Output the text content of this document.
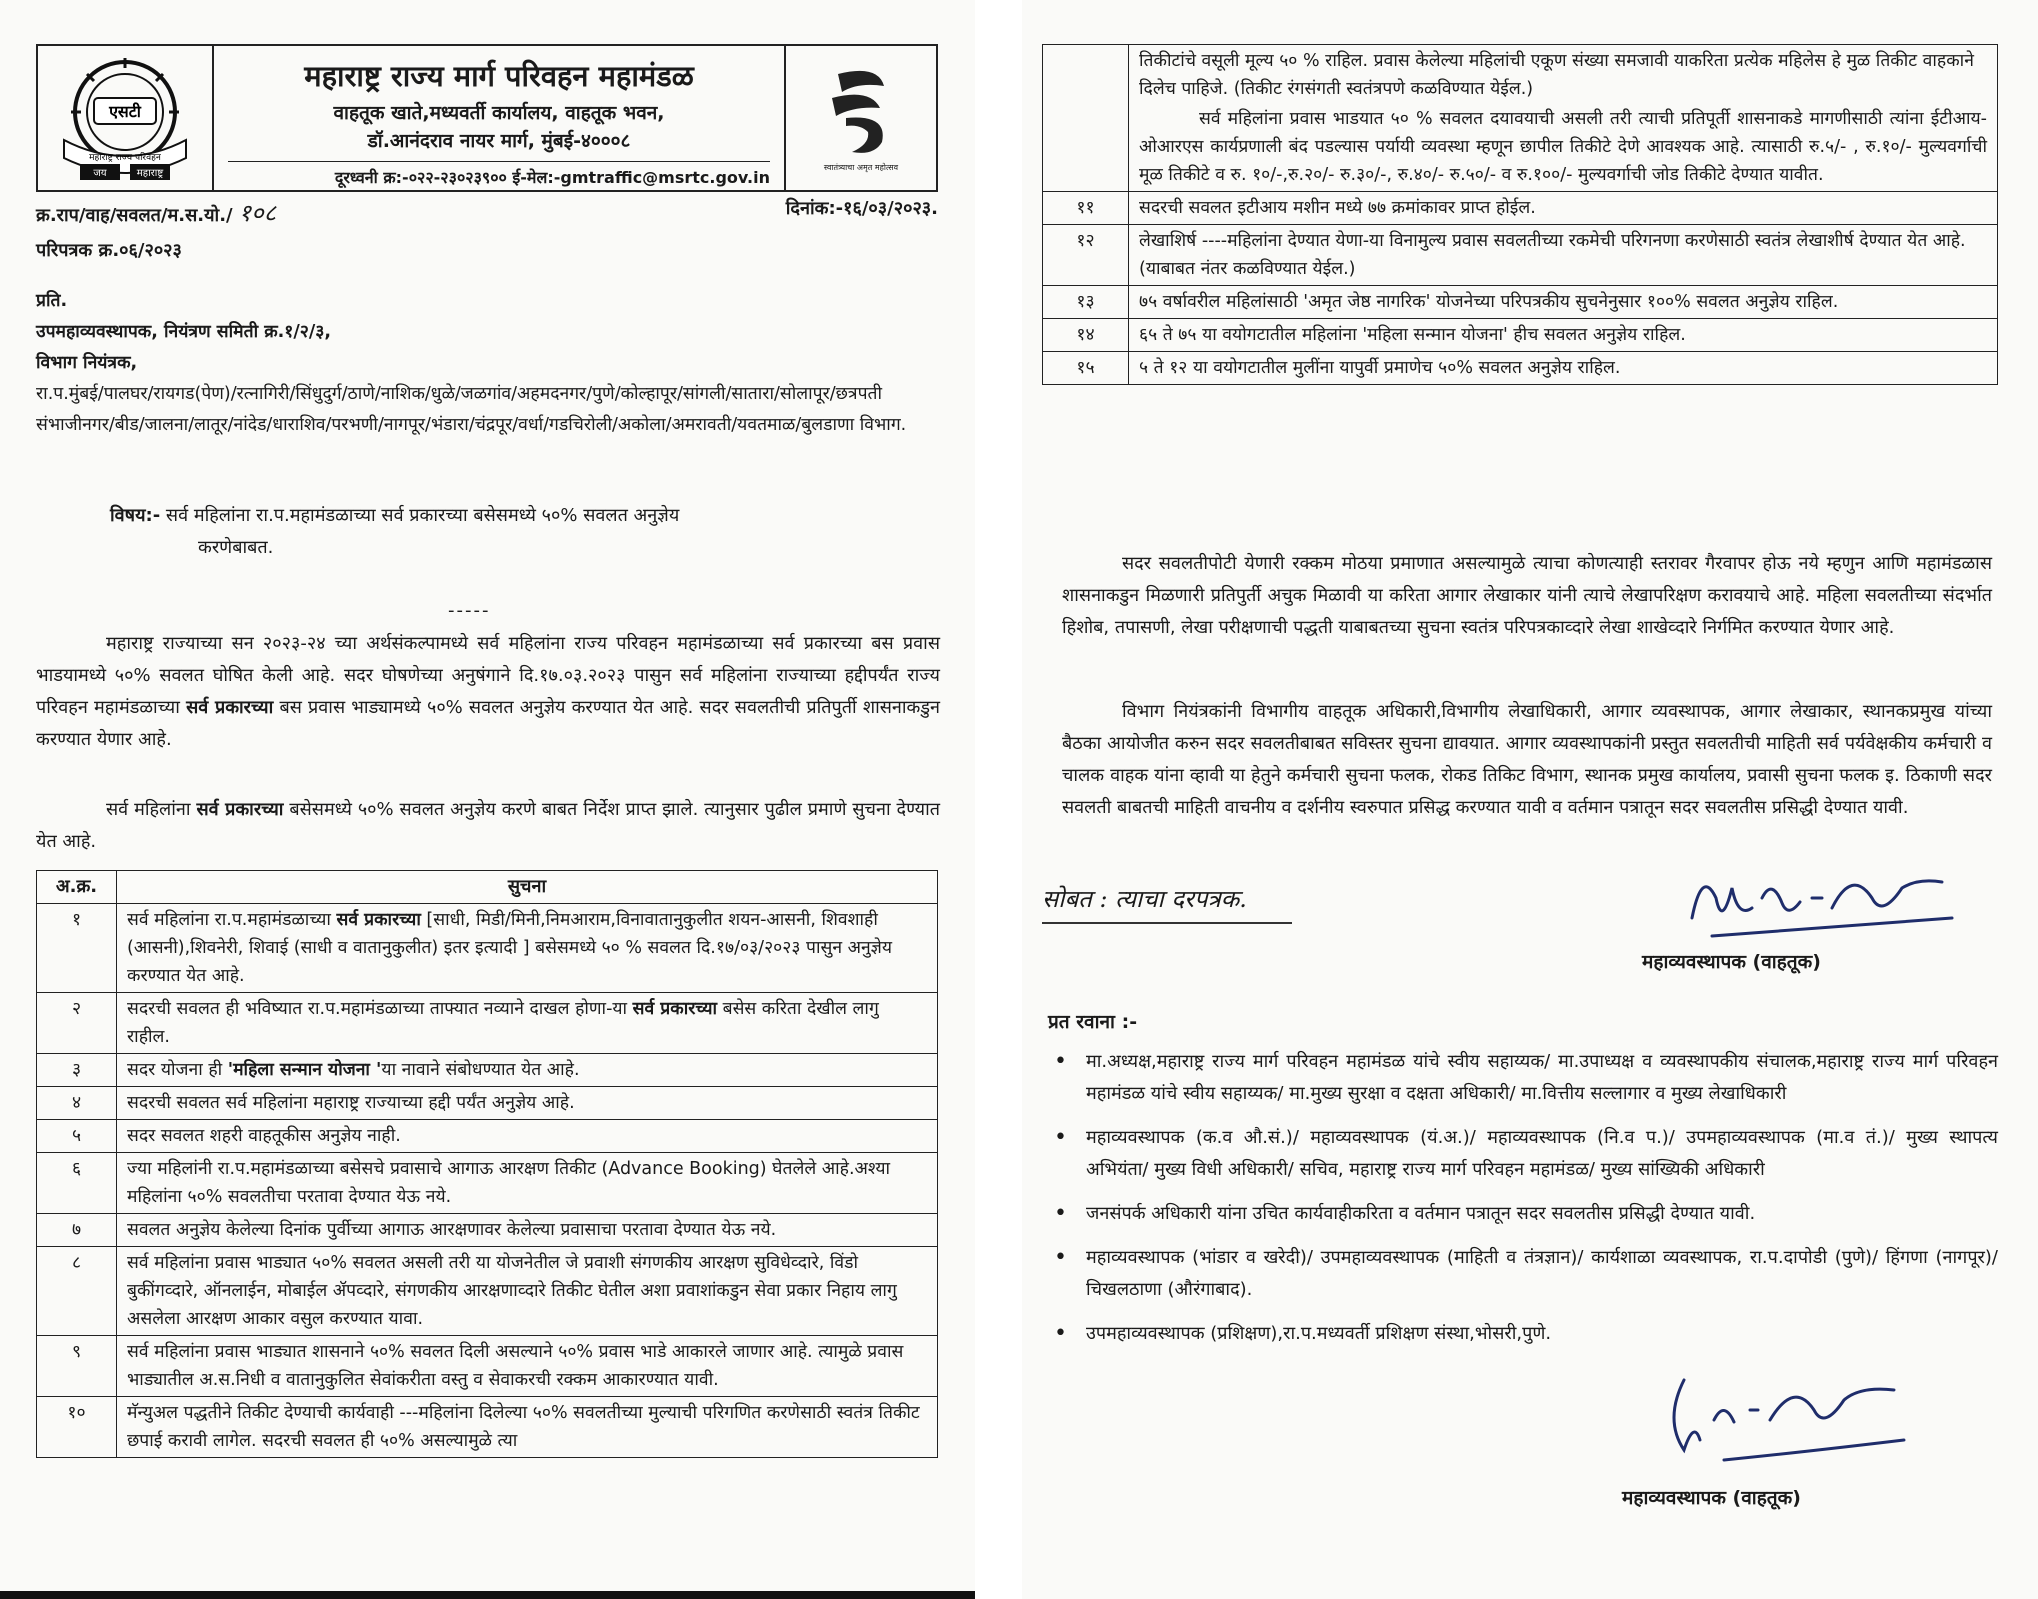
एसटी
महाराष्ट्र राज्य परिवहन
जय	महाराष्ट्र
महाराष्ट्र राज्य मार्ग परिवहन महामंडळ
वाहतूक खाते,मध्यवर्ती कार्यालय, वाहतूक भवन,
डॉ.आनंदराव नायर मार्ग, मुंबई-४०००८
दूरध्वनी क्र:-०२२-२३०२३९०० ई-मेल:-gmtraffic@msrtc.gov.in
स्वातंत्र्याचा अमृत महोत्सव
क्र.राप/वाह/सवलत/म.स.यो./ १०८	दिनांक:-१६/०३/२०२३.
परिपत्रक क्र.०६/२०२३
प्रति.
उपमहाव्यवस्थापक, नियंत्रण समिती क्र.१/२/३,
विभाग नियंत्रक,
रा.प.मुंबई/पालघर/रायगड(पेण)/रत्नागिरी/सिंधुदुर्ग/ठाणे/नाशिक/धुळे/जळगांव/अहमदनगर/पुणे/कोल्हापूर/सांगली/सातारा/सोलापूर/छत्रपती संभाजीनगर/बीड/जालना/लातूर/नांदेड/धाराशिव/परभणी/नागपूर/भंडारा/चंद्रपूर/वर्धा/गडचिरोली/अकोला/अमरावती/यवतमाळ/बुलडाणा विभाग.
विषय:- सर्व महिलांना रा.प.महामंडळाच्या सर्व प्रकारच्या बसेसमध्ये ५०% सवलत अनुज्ञेय
करणेबाबत.
-----
महाराष्ट्र राज्याच्या सन २०२३-२४ च्या अर्थसंकल्पामध्ये सर्व महिलांना राज्य परिवहन महामंडळाच्या सर्व प्रकारच्या बस प्रवास भाडयामध्ये ५०% सवलत घोषित केली आहे. सदर घोषणेच्या अनुषंगाने दि.१७.०३.२०२३ पासुन सर्व महिलांना राज्याच्या हद्दीपर्यंत राज्य परिवहन महामंडळाच्या सर्व प्रकारच्या बस प्रवास भाड्यामध्ये ५०% सवलत अनुज्ञेय करण्यात येत आहे. सदर सवलतीची प्रतिपुर्ती शासनाकडुन करण्यात येणार आहे.
सर्व महिलांना सर्व प्रकारच्या बसेसमध्ये ५०% सवलत अनुज्ञेय करणे बाबत निर्देश प्राप्त झाले. त्यानुसार पुढील प्रमाणे सुचना देण्यात येत आहे.
अ.क्र.	सुचना
१	सर्व महिलांना रा.प.महामंडळाच्या सर्व प्रकारच्या [साधी, मिडी/मिनी,निमआराम,विनावातानुकुलीत शयन-आसनी, शिवशाही (आसनी),शिवनेरी, शिवाई (साधी व वातानुकुलीत) इतर इत्यादी ] बसेसमध्ये ५० % सवलत दि.१७/०३/२०२३ पासुन अनुज्ञेय करण्यात येत आहे.
२	सदरची सवलत ही भविष्यात रा.प.महामंडळाच्या ताफ्यात नव्याने दाखल होणा-या सर्व प्रकारच्या बसेस करिता देखील लागु राहील.
३	सदर योजना ही 'महिला सन्मान योजना 'या नावाने संबोधण्यात येत आहे.
४	सदरची सवलत सर्व महिलांना महाराष्ट्र राज्याच्या हद्दी पर्यंत अनुज्ञेय आहे.
५	सदर सवलत शहरी वाहतूकीस अनुज्ञेय नाही.
६	ज्या महिलांनी रा.प.महामंडळाच्या बसेसचे प्रवासाचे आगाऊ आरक्षण तिकीट (Advance Booking) घेतलेले आहे.अश्या महिलांना ५०% सवलतीचा परतावा देण्यात येऊ नये.
७	सवलत अनुज्ञेय केलेल्या दिनांक पुर्वीच्या आगाऊ आरक्षणावर केलेल्या प्रवासाचा परतावा देण्यात येऊ नये.
८	सर्व महिलांना प्रवास भाड्यात ५०% सवलत असली तरी या योजनेतील जे प्रवाशी संगणकीय आरक्षण सुविधेव्दारे, विंडो बुकींगव्दारे, ऑनलाईन, मोबाईल ॲपव्दारे, संगणकीय आरक्षणाव्दारे तिकीट घेतील अशा प्रवाशांकडुन सेवा प्रकार निहाय लागु असलेला आरक्षण आकार वसुल करण्यात यावा.
९	सर्व महिलांना प्रवास भाड्यात शासनाने ५०% सवलत दिली असल्याने ५०% प्रवास भाडे आकारले जाणार आहे. त्यामुळे प्रवास भाड्यातील अ.स.निधी व वातानुकुलित सेवांकरीता वस्तु व सेवाकरची रक्कम आकारण्यात यावी.
१०	मॅन्युअल पद्धतीने तिकीट देण्याची कार्यवाही ---महिलांना दिलेल्या ५०% सवलतीच्या मुल्याची परिगणित करणेसाठी स्वतंत्र तिकीट छपाई करावी लागेल. सदरची सवलत ही ५०% असल्यामुळे त्या

	तिकीटांचे वसूली मूल्य ५० % राहिल. प्रवास केलेल्या महिलांची एकूण संख्या समजावी याकरिता प्रत्येक महिलेस हे मुळ तिकीट वाहकाने दिलेच पाहिजे. (तिकीट रंगसंगती स्वतंत्रपणे कळविण्यात येईल.)
सर्व महिलांना प्रवास भाडयात ५० % सवलत दयावयाची असली तरी त्याची प्रतिपूर्ती शासनाकडे मागणीसाठी त्यांना ईटीआय-ओआरएस कार्यप्रणाली बंद पडल्यास पर्यायी व्यवस्था म्हणून छापील तिकीटे देणे आवश्यक आहे. त्यासाठी रु.५/- , रु.१०/- मुल्यवर्गाची मूळ तिकीटे व रु. १०/-,रु.२०/- रु.३०/-, रु.४०/- रु.५०/- व रु.१००/- मुल्यवर्गाची जोड तिकीटे देण्यात यावीत.

११	सदरची सवलत इटीआय मशीन मध्ये ७७ क्रमांकावर प्राप्त होईल.
१२	लेखाशिर्ष ----महिलांना देण्यात येणा-या विनामुल्य प्रवास सवलतीच्या रकमेची परिगनणा करणेसाठी स्वतंत्र लेखाशीर्ष देण्यात येत आहे. (याबाबत नंतर कळविण्यात येईल.)
१३	७५ वर्षावरील महिलांसाठी 'अमृत जेष्ठ नागरिक' योजनेच्या परिपत्रकीय सुचनेनुसार १००% सवलत अनुज्ञेय राहिल.
१४	६५ ते ७५ या वयोगटातील महिलांना 'महिला सन्मान योजना' हीच सवलत अनुज्ञेय राहिल.
१५	५ ते १२ या वयोगटातील मुलींना यापुर्वी प्रमाणेच ५०% सवलत अनुज्ञेय राहिल.
सदर सवलतीपोटी येणारी रक्कम मोठया प्रमाणात असल्यामुळे त्याचा कोणत्याही स्तरावर गैरवापर होऊ नये म्हणुन आणि महामंडळास शासनाकडुन मिळणारी प्रतिपुर्ती अचुक मिळावी या करिता आगार लेखाकार यांनी त्याचे लेखापरिक्षण करावयाचे आहे. महिला सवलतीच्या संदर्भात हिशोब, तपासणी, लेखा परीक्षणाची पद्धती याबाबतच्या सुचना स्वतंत्र परिपत्रकाव्दारे लेखा शाखेव्दारे निर्गमित करण्यात येणार आहे.
विभाग नियंत्रकांनी विभागीय वाहतूक अधिकारी,विभागीय लेखाधिकारी, आगार व्यवस्थापक, आगार लेखाकार, स्थानकप्रमुख यांच्या बैठका आयोजीत करुन सदर सवलतीबाबत सविस्तर सुचना द्यावयात. आगार व्यवस्थापकांनी प्रस्तुत सवलतीची माहिती सर्व पर्यवेक्षकीय कर्मचारी व चालक वाहक यांना व्हावी या हेतुने कर्मचारी सुचना फलक, रोकड तिकिट विभाग, स्थानक प्रमुख कार्यालय, प्रवासी सुचना फलक इ. ठिकाणी सदर सवलती बाबतची माहिती वाचनीय व दर्शनीय स्वरुपात प्रसिद्ध करण्यात यावी व वर्तमान पत्रातून सदर सवलतीस प्रसिद्धी देण्यात यावी.
सोबत : त्याचा दरपत्रक.
महाव्यवस्थापक (वाहतूक)
प्रत रवाना :-
• मा.अध्यक्ष,महाराष्ट्र राज्य मार्ग परिवहन महामंडळ यांचे स्वीय सहाय्यक/ मा.उपाध्यक्ष व व्यवस्थापकीय संचालक,महाराष्ट्र राज्य मार्ग परिवहन महामंडळ यांचे स्वीय सहाय्यक/ मा.मुख्य सुरक्षा व दक्षता अधिकारी/ मा.वित्तीय सल्लागार व मुख्य लेखाधिकारी
• महाव्यवस्थापक (क.व औ.सं.)/ महाव्यवस्थापक (यं.अ.)/ महाव्यवस्थापक (नि.व प.)/ उपमहाव्यवस्थापक (मा.व तं.)/ मुख्य स्थापत्य अभियंता/ मुख्य विधी अधिकारी/ सचिव, महाराष्ट्र राज्य मार्ग परिवहन महामंडळ/ मुख्य सांख्यिकी अधिकारी
• जनसंपर्क अधिकारी यांना उचित कार्यवाहीकरिता व वर्तमान पत्रातून सदर सवलतीस प्रसिद्धी देण्यात यावी.
• महाव्यवस्थापक (भांडार व खरेदी)/ उपमहाव्यवस्थापक (माहिती व तंत्रज्ञान)/ कार्यशाळा व्यवस्थापक, रा.प.दापोडी (पुणे)/ हिंगणा (नागपूर)/ चिखलठाणा (औरंगाबाद).
• उपमहाव्यवस्थापक (प्रशिक्षण),रा.प.मध्यवर्ती प्रशिक्षण संस्था,भोसरी,पुणे.
महाव्यवस्थापक (वाहतूक)
